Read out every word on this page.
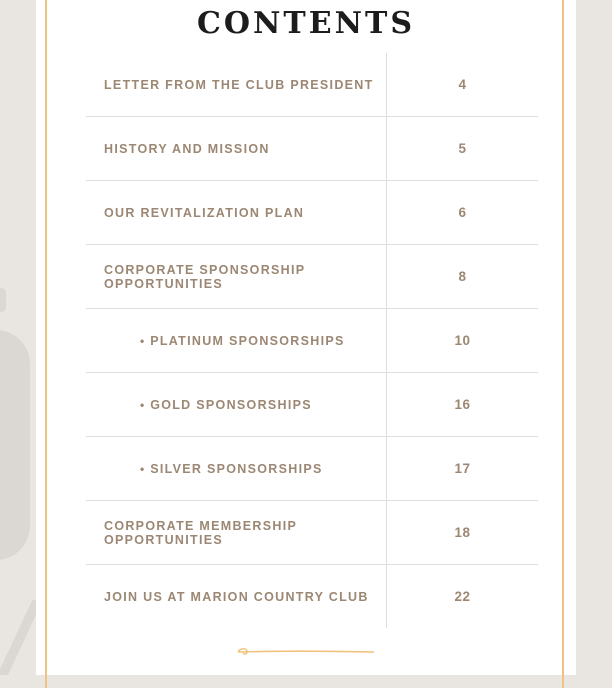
CONTENTS
LETTER FROM THE CLUB PRESIDENT	4
HISTORY AND MISSION	5
OUR REVITALIZATION PLAN	6
CORPORATE SPONSORSHIP OPPORTUNITIES	8
• PLATINUM SPONSORSHIPS	10
• GOLD SPONSORSHIPS	16
• SILVER SPONSORSHIPS	17
CORPORATE MEMBERSHIP OPPORTUNITIES	18
JOIN US AT MARION COUNTRY CLUB	22
